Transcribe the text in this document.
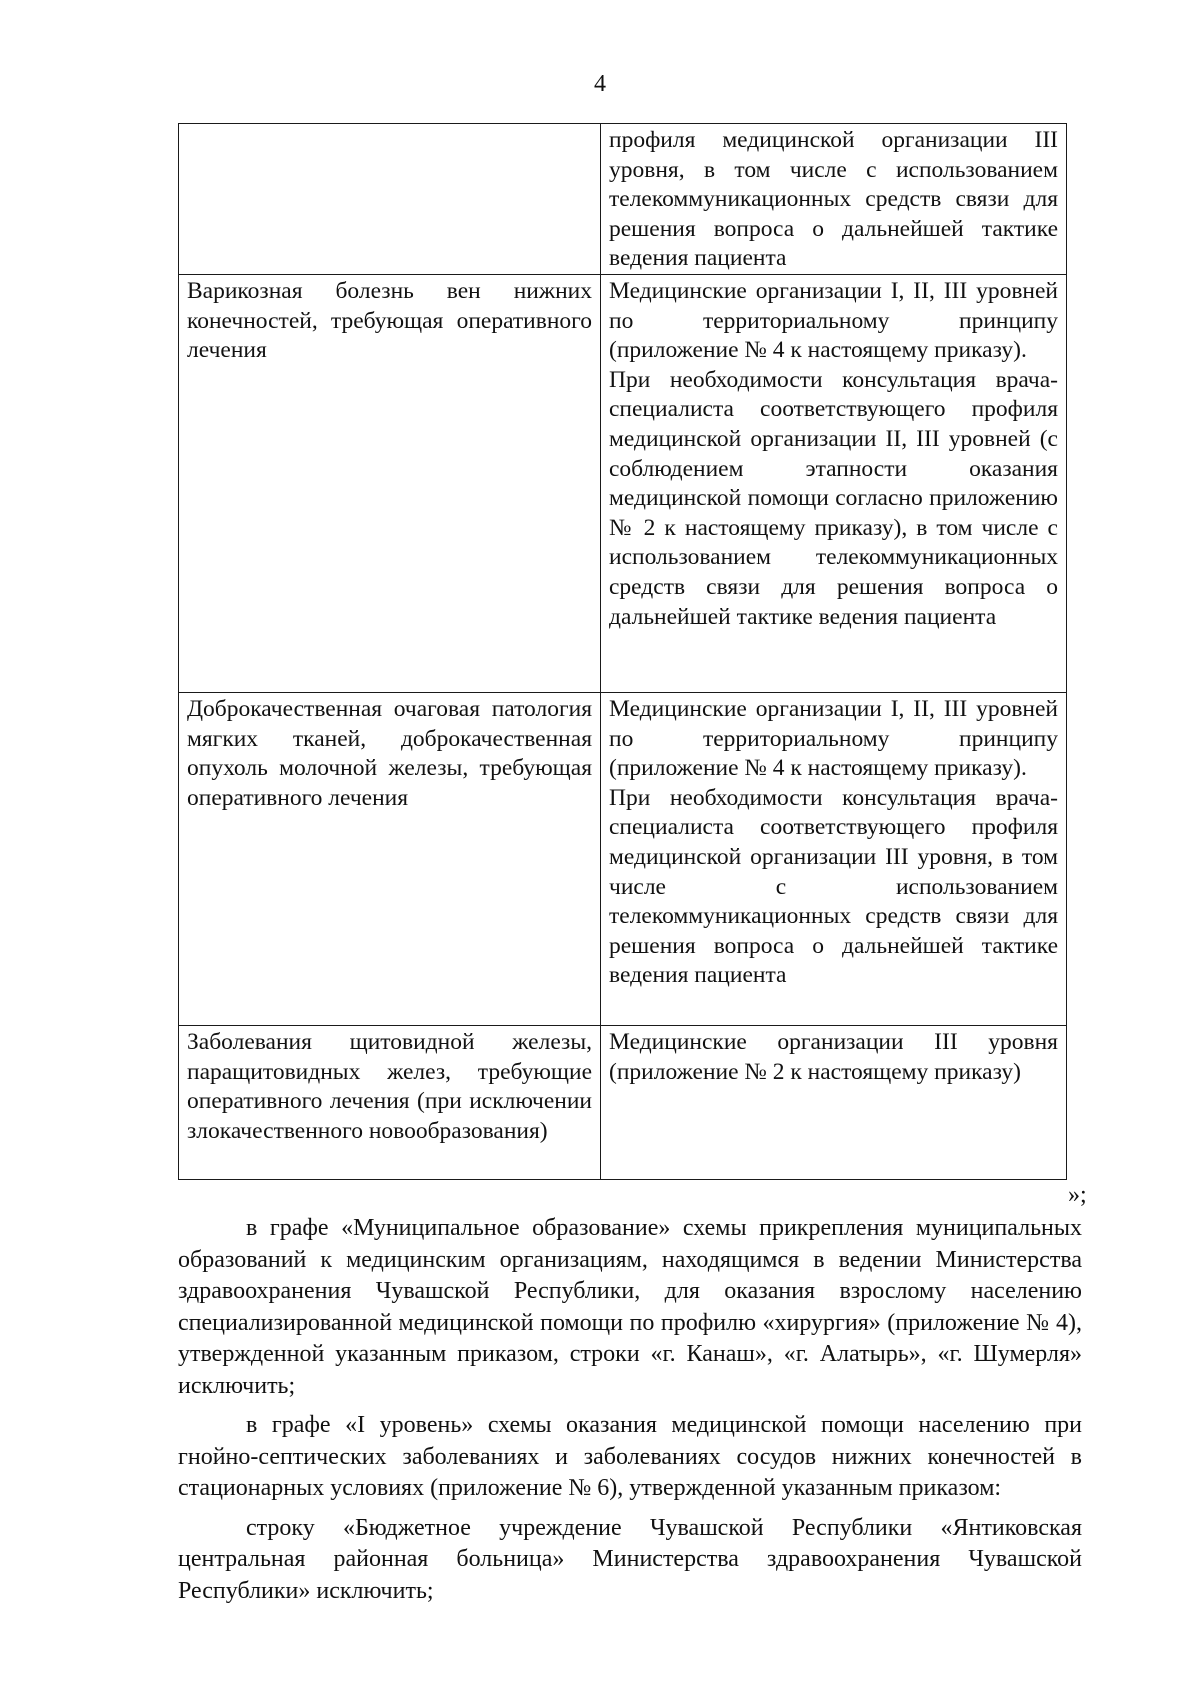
4

	профиля медицинской организации III уровня, в том числе с использованием телекоммуникационных средств связи для решения вопроса о дальнейшей тактике ведения пациента

Варикозная болезнь вен нижних конечностей, требующая оперативного лечения	Медицинские организации I, II, III уровней по территориальному принципу (приложение № 4 к настоящему приказу).
При необходимости консультация врача-специалиста соответствующего профиля медицинской организации II, III уровней (с соблюдением этапности оказания медицинской помощи согласно приложению № 2 к настоящему приказу), в том числе с использованием телекоммуникационных средств связи для решения вопроса о дальнейшей тактике ведения пациента

Доброкачественная очаговая патология мягких тканей, доброкачественная опухоль молочной железы, требующая оперативного лечения	Медицинские организации I, II, III уровней по территориальному принципу (приложение № 4 к настоящему приказу).
При необходимости консультация врача-специалиста соответствующего профиля медицинской организации III уровня, в том числе с использованием телекоммуникационных средств связи для решения вопроса о дальнейшей тактике ведения пациента

Заболевания щитовидной железы, паращитовидных желез, требующие оперативного лечения (при исключении злокачественного новообразования)	Медицинские организации III уровня (приложение № 2 к настоящему приказу)
»;

в графе «Муниципальное образование» схемы прикрепления муниципальных образований к медицинским организациям, находящимся в ведении Министерства здравоохранения Чувашской Республики, для оказания взрослому населению специализированной медицинской помощи по профилю «хирургия» (приложение № 4), утвержденной указанным приказом, строки «г. Канаш», «г. Алатырь», «г. Шумерля» исключить;

в графе «I уровень» схемы оказания медицинской помощи населению при гнойно-септических заболеваниях и заболеваниях сосудов нижних конечностей в стационарных условиях (приложение № 6), утвержденной указанным приказом:

строку «Бюджетное учреждение Чувашской Республики «Янтиковская центральная районная больница» Министерства здравоохранения Чувашской Республики» исключить;
